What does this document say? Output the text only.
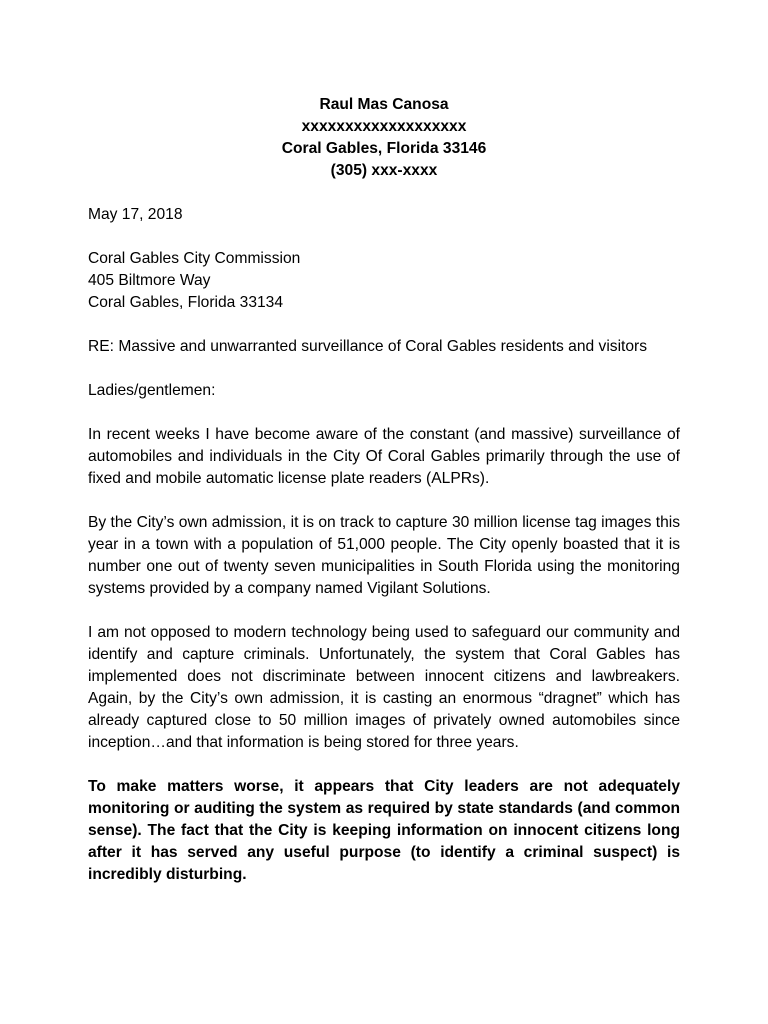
Raul Mas Canosa
xxxxxxxxxxxxxxxxxxx
Coral Gables, Florida 33146
(305) xxx-xxxx
May 17, 2018
Coral Gables City Commission
405 Biltmore Way
Coral Gables, Florida 33134
RE: Massive and unwarranted surveillance of Coral Gables residents and visitors
Ladies/gentlemen:

In recent weeks I have become aware of the constant (and massive) surveillance of automobiles and individuals in the City Of Coral Gables primarily through the use of fixed and mobile automatic license plate readers (ALPRs).

By the City’s own admission, it is on track to capture 30 million license tag images this year in a town with a population of 51,000 people. The City openly boasted that it is number one out of twenty seven municipalities in South Florida using the monitoring systems provided by a company named Vigilant Solutions.

I am not opposed to modern technology being used to safeguard our community and identify and capture criminals. Unfortunately, the system that Coral Gables has implemented does not discriminate between innocent citizens and lawbreakers. Again, by the City’s own admission, it is casting an enormous “dragnet” which has already captured close to 50 million images of privately owned automobiles since inception…and that information is being stored for three years.

To make matters worse, it appears that City leaders are not adequately monitoring or auditing the system as required by state standards (and common sense). The fact that the City is keeping information on innocent citizens long after it has served any useful purpose (to identify a criminal suspect) is incredibly disturbing.
